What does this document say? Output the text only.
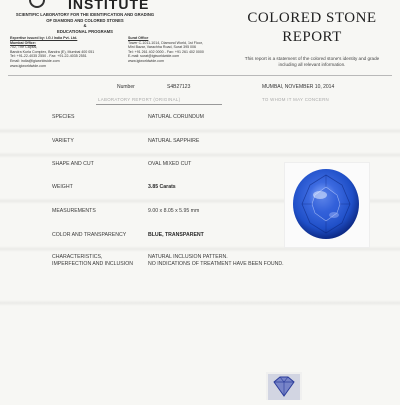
INSTITUTE
SCIENTIFIC LABORATORY FOR THE IDENTIFICATION AND GRADING
OF DIAMOND AND COLORED STONES
&
EDUCATIONAL PROGRAMS
Expertise issued by: I.G.I India Pvt. Ltd.
Mumbai Office:
702, The Capital,
Bandra Kurla Complex, Bandra (E), Mumbai 400 051
Tel: +91-22-4035 2550 - Fax: +91-22-4035 2551
Email: india@igiworldwide.com
www.igiworldwide.com
Surat Office
Tower C-1011-1014, Diamond World, 1st Floor,
Mini Bazar, Varachha Road, Surat 395 006
Tel: +91 261 402 0000 - Fax: +91 261 402 0000
E-mail: surat@igiworldwide.com
www.igiworldwide.com
COLORED STONE
REPORT
This report is a statement of the colored stone's identity and grade including all relevant information.
Number	S4B27123	MUMBAI, NOVEMBER 10, 2014
LABORATORY REPORT (ORIGINAL)	TO WHOM IT MAY CONCERN
SPECIES	NATURAL CORUNDUM
VARIETY	NATURAL SAPPHIRE
SHAPE AND CUT	OVAL MIXED CUT
WEIGHT	3.85 Carats
MEASUREMENTS	9.00 x 8.05 x 5.95 mm
COLOR AND TRANSPARENCY	BLUE, TRANSPARENT
CHARACTERISTICS,
IMPERFECTION AND INCLUSION
NATURAL INCLUSION PATTERN.
NO INDICATIONS OF TREATMENT HAVE BEEN FOUND.
